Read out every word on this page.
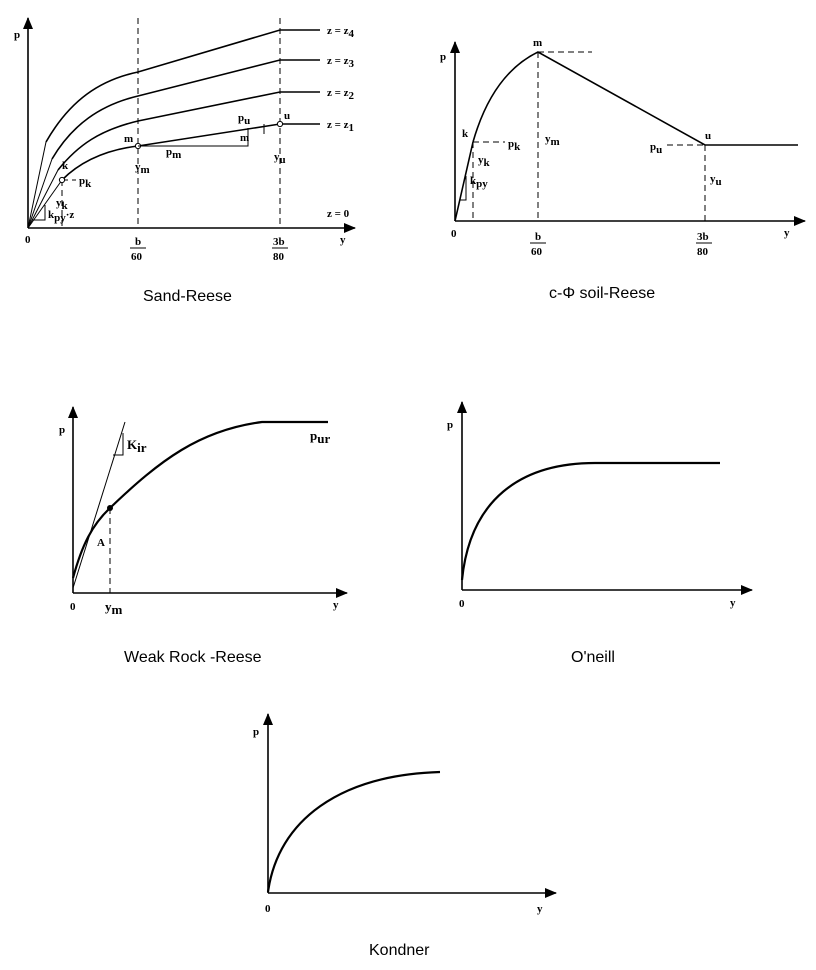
p
y
0
z = z4
z = z3
z = z2
z = z1
z = 0
k
m
u
m
pk
pm
pu
yk
ym
yu
kpy·z
b
60
3b
80
Sand-Reese
p
y
0
m
k	u
pk
ym	pu
yk
kpy	yu
b
60
3b
80
c-Φ soil-Reese
p
y
0
A
Kir
pur
ym
Weak Rock -Reese
p
y
0
O'neill
p
y
0
Kondner
